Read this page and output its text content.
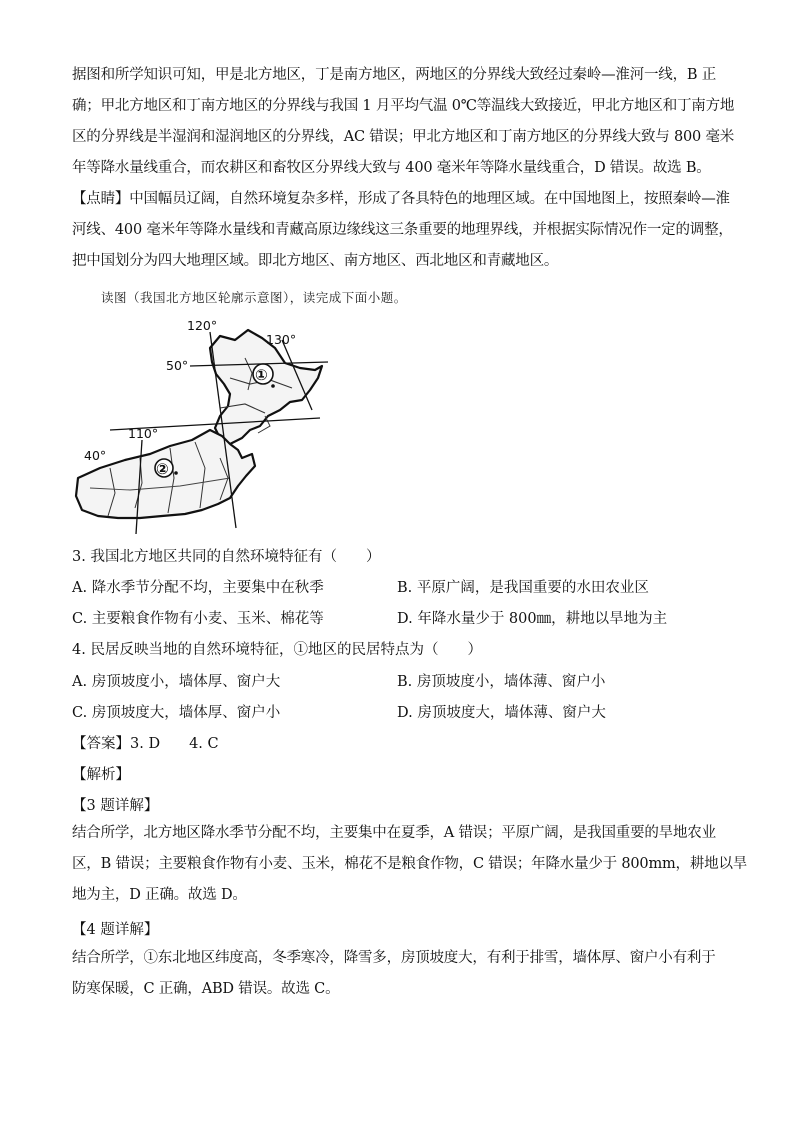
据图和所学知识可知，甲是北方地区，丁是南方地区，两地区的分界线大致经过秦岭—淮河一线，B 正
确；甲北方地区和丁南方地区的分界线与我国 1 月平均气温 0℃等温线大致接近，甲北方地区和丁南方地
区的分界线是半湿润和湿润地区的分界线，AC 错误；甲北方地区和丁南方地区的分界线大致与 800 毫米
年等降水量线重合，而农耕区和畜牧区分界线大致与 400 毫米年等降水量线重合，D 错误。故选 B。
【点睛】中国幅员辽阔，自然环境复杂多样，形成了各具特色的地理区域。在中国地图上，按照秦岭—淮
河线、400 毫米年等降水量线和青藏高原边缘线这三条重要的地理界线，并根据实际情况作一定的调整，
把中国划分为四大地理区域。即北方地区、南方地区、西北地区和青藏地区。
读图（我国北方地区轮廓示意图），读完成下面小题。
120°
130°
110°
50°
40°
①
②
3. 我国北方地区共同的自然环境特征有（　　）
A. 降水季节分配不均，主要集中在秋季	B. 平原广阔，是我国重要的水田农业区
C. 主要粮食作物有小麦、玉米、棉花等	D. 年降水量少于 800㎜，耕地以旱地为主
4. 民居反映当地的自然环境特征，①地区的民居特点为（　　）
A. 房顶坡度小，墙体厚、窗户大	B. 房顶坡度小，墙体薄、窗户小
C. 房顶坡度大，墙体厚、窗户小	D. 房顶坡度大，墙体薄、窗户大
【答案】3. D　　4. C
【解析】
【3 题详解】
结合所学，北方地区降水季节分配不均，主要集中在夏季，A 错误；平原广阔，是我国重要的旱地农业
区，B 错误；主要粮食作物有小麦、玉米，棉花不是粮食作物，C 错误；年降水量少于 800mm，耕地以旱
地为主，D 正确。故选 D。
【4 题详解】
结合所学，①东北地区纬度高，冬季寒冷，降雪多，房顶坡度大，有利于排雪，墙体厚、窗户小有利于
防寒保暖，C 正确，ABD 错误。故选 C。
